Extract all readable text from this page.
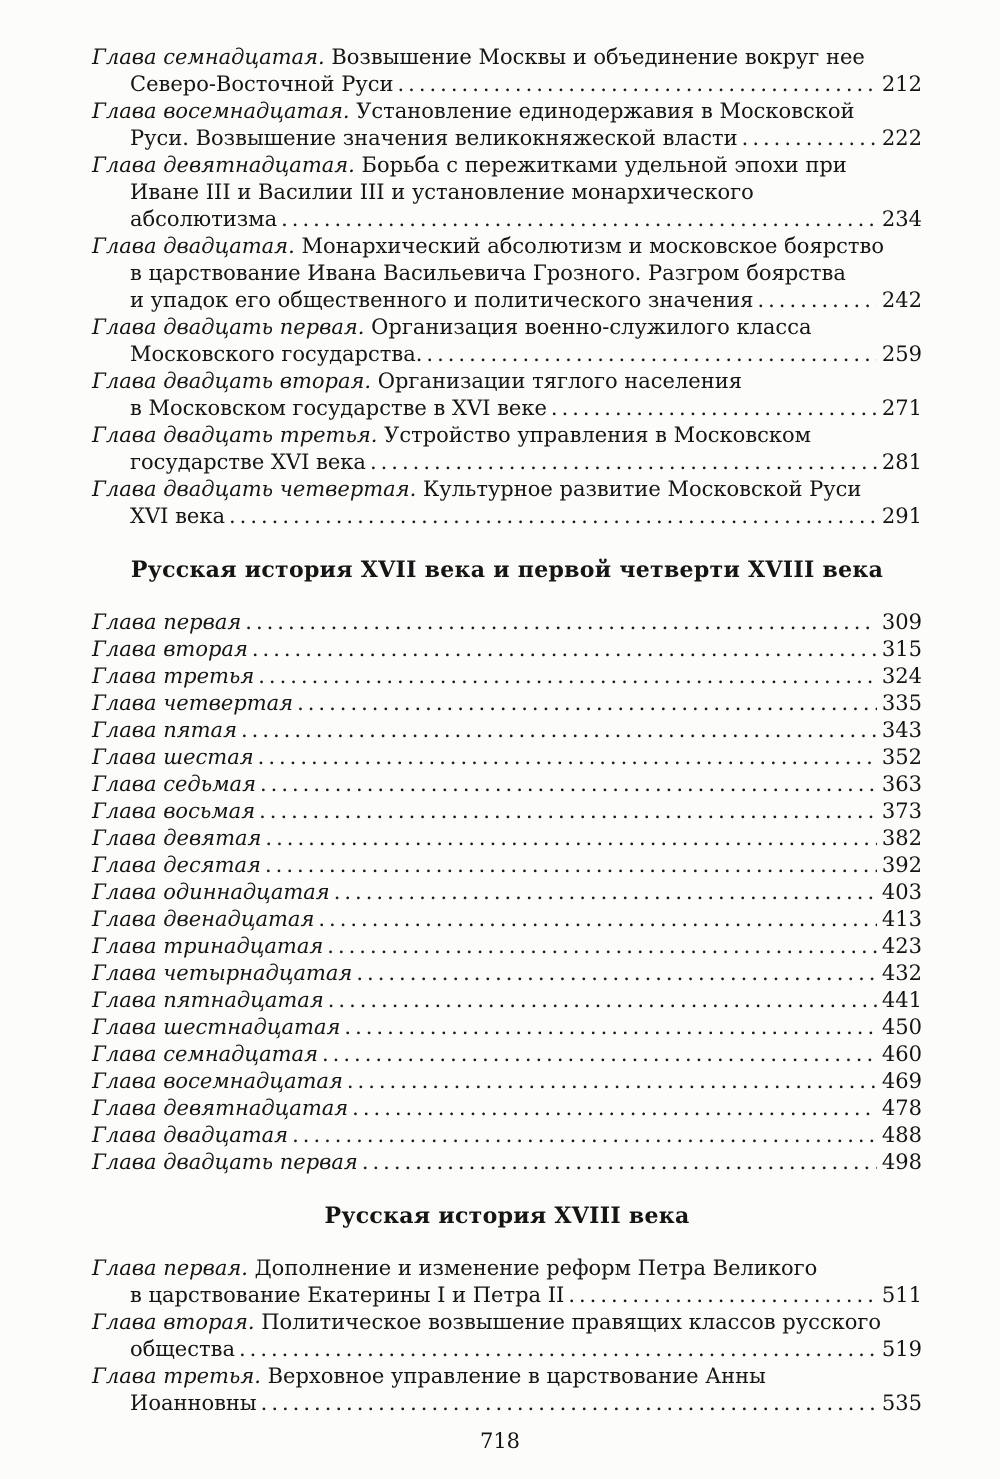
Глава семнадцатая. Возвышение Москвы и объединение вокруг нее
Северо-Восточной Руси .....	212
Глава восемнадцатая. Установление единодержавия в Московской
Руси. Возвышение значения великокняжеской власти .....	222
Глава девятнадцатая. Борьба с пережитками удельной эпохи при
Иване III и Василии III и установление монархического
абсолютизма .....	234
Глава двадцатая. Монархический абсолютизм и московское боярство
в царствование Ивана Васильевича Грозного. Разгром боярства
и упадок его общественного и политического значения .....	242
Глава двадцать первая. Организация военно-служилого класса
Московского государства. .....	259
Глава двадцать вторая. Организации тяглого населения
в Московском государстве в XVI веке .....	271
Глава двадцать третья. Устройство управления в Московском
государстве XVI века .....	281
Глава двадцать четвертая. Культурное развитие Московской Руси
XVI века .....	291
Русская история XVII века и первой четверти XVIII века
Глава первая .....	309
Глава вторая .....	315
Глава третья .....	324
Глава четвертая .....	335
Глава пятая .....	343
Глава шестая .....	352
Глава седьмая .....	363
Глава восьмая .....	373
Глава девятая .....	382
Глава десятая .....	392
Глава одиннадцатая .....	403
Глава двенадцатая .....	413
Глава тринадцатая .....	423
Глава четырнадцатая .....	432
Глава пятнадцатая .....	441
Глава шестнадцатая .....	450
Глава семнадцатая .....	460
Глава восемнадцатая .....	469
Глава девятнадцатая .....	478
Глава двадцатая .....	488
Глава двадцать первая .....	498
Русская история XVIII века
Глава первая. Дополнение и изменение реформ Петра Великого
в царствование Екатерины I и Петра II .....	511
Глава вторая. Политическое возвышение правящих классов русского
общества .....	519
Глава третья. Верховное управление в царствование Анны
Иоанновны .....	535
718
